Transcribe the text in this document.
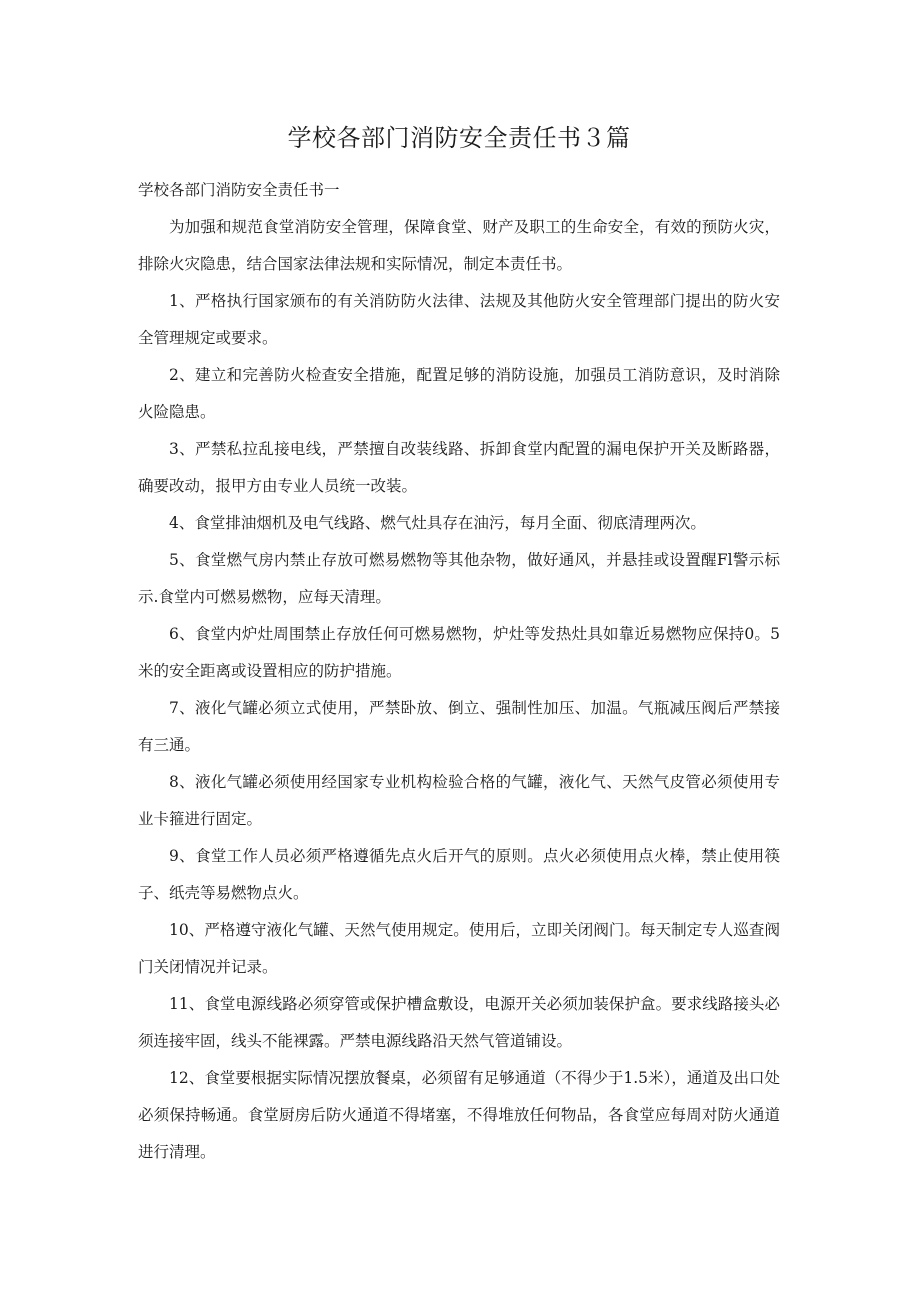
学校各部门消防安全责任书３篇

学校各部门消防安全责任书一

为加强和规范食堂消防安全管理，保障食堂、财产及职工的生命安全，有效的预防火灾，排除火灾隐患，结合国家法律法规和实际情况，制定本责任书。

1、严格执行国家颁布的有关消防防火法律、法规及其他防火安全管理部门提出的防火安全管理规定或要求。

2、建立和完善防火检查安全措施，配置足够的消防设施，加强员工消防意识，及时消除火险隐患。

3、严禁私拉乱接电线，严禁擅自改装线路、拆卸食堂内配置的漏电保护开关及断路器，确要改动，报甲方由专业人员统一改装。

4、食堂排油烟机及电气线路、燃气灶具存在油污，每月全面、彻底清理两次。

5、食堂燃气房内禁止存放可燃易燃物等其他杂物，做好通风，并悬挂或设置醒Fl警示标示.食堂内可燃易燃物，应每天清理。

6、食堂内炉灶周围禁止存放任何可燃易燃物，炉灶等发热灶具如靠近易燃物应保持0。5米的安全距离或设置相应的防护措施。

7、液化气罐必须立式使用，严禁卧放、倒立、强制性加压、加温。气瓶减压阀后严禁接有三通。

8、液化气罐必须使用经国家专业机构检验合格的气罐，液化气、天然气皮管必须使用专业卡箍进行固定。

9、食堂工作人员必须严格遵循先点火后开气的原则。点火必须使用点火棒，禁止使用筷子、纸壳等易燃物点火。

10、严格遵守液化气罐、天然气使用规定。使用后，立即关闭阀门。每天制定专人巡查阀门关闭情况并记录。

11、食堂电源线路必须穿管或保护槽盒敷设，电源开关必须加装保护盒。要求线路接头必须连接牢固，线头不能裸露。严禁电源线路沿天然气管道铺设。

12、食堂要根据实际情况摆放餐桌，必须留有足够通道（不得少于1.5米），通道及出口处必须保持畅通。食堂厨房后防火通道不得堵塞，不得堆放任何物品，各食堂应每周对防火通道进行清理。
